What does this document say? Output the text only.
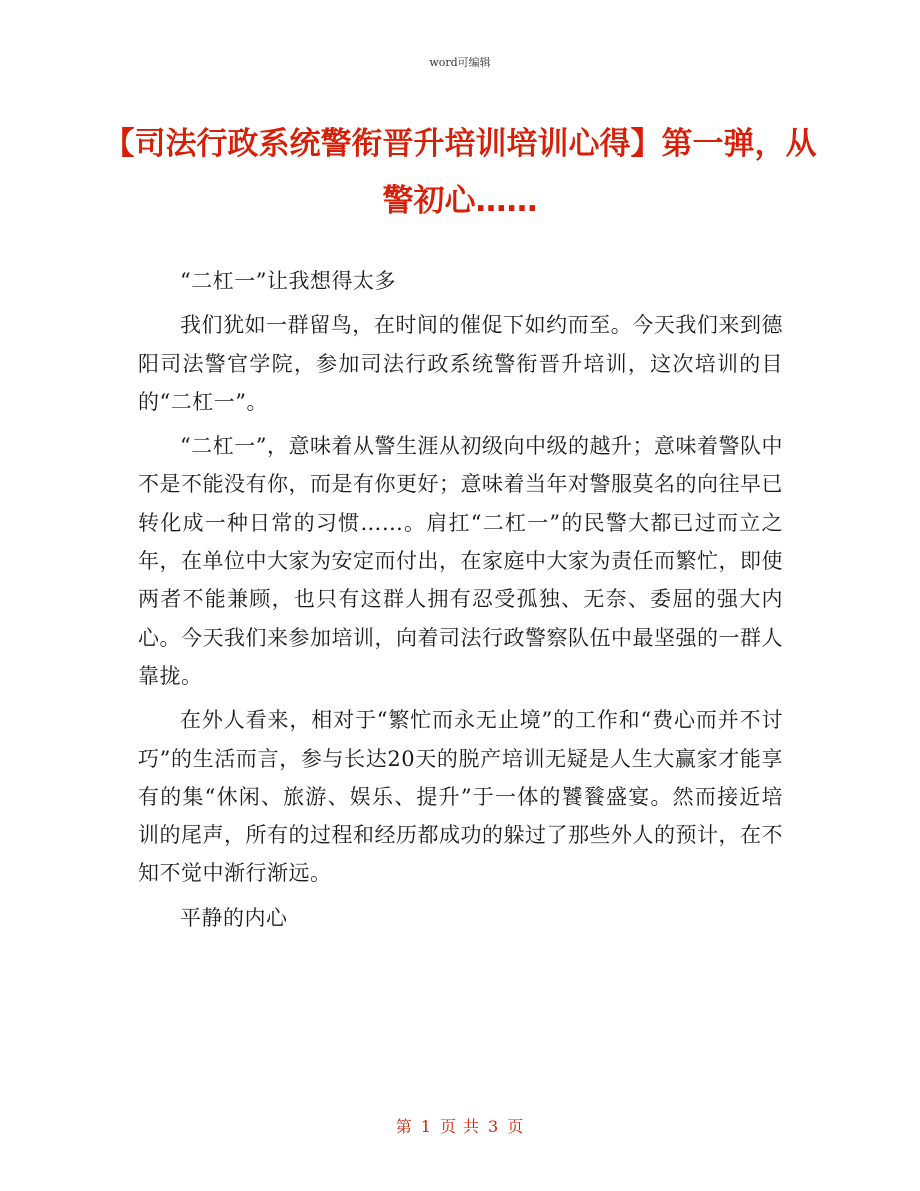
word可编辑
【司法行政系统警衔晋升培训培训心得】第一弹，从警初心……

“二杠一”让我想得太多

我们犹如一群留鸟，在时间的催促下如约而至。今天我们来到德阳司法警官学院，参加司法行政系统警衔晋升培训，这次培训的目的“二杠一”。

“二杠一”，意味着从警生涯从初级向中级的越升；意味着警队中不是不能没有你，而是有你更好；意味着当年对警服莫名的向往早已转化成一种日常的习惯……。肩扛“二杠一”的民警大都已过而立之年，在单位中大家为安定而付出，在家庭中大家为责任而繁忙，即使两者不能兼顾，也只有这群人拥有忍受孤独、无奈、委屈的强大内心。今天我们来参加培训，向着司法行政警察队伍中最坚强的一群人靠拢。

在外人看来，相对于“繁忙而永无止境”的工作和“费心而并不讨巧”的生活而言，参与长达20天的脱产培训无疑是人生大赢家才能享有的集“休闲、旅游、娱乐、提升”于一体的饕餮盛宴。然而接近培训的尾声，所有的过程和经历都成功的躲过了那些外人的预计，在不知不觉中渐行渐远。

平静的内心

第 1 页 共 3 页
